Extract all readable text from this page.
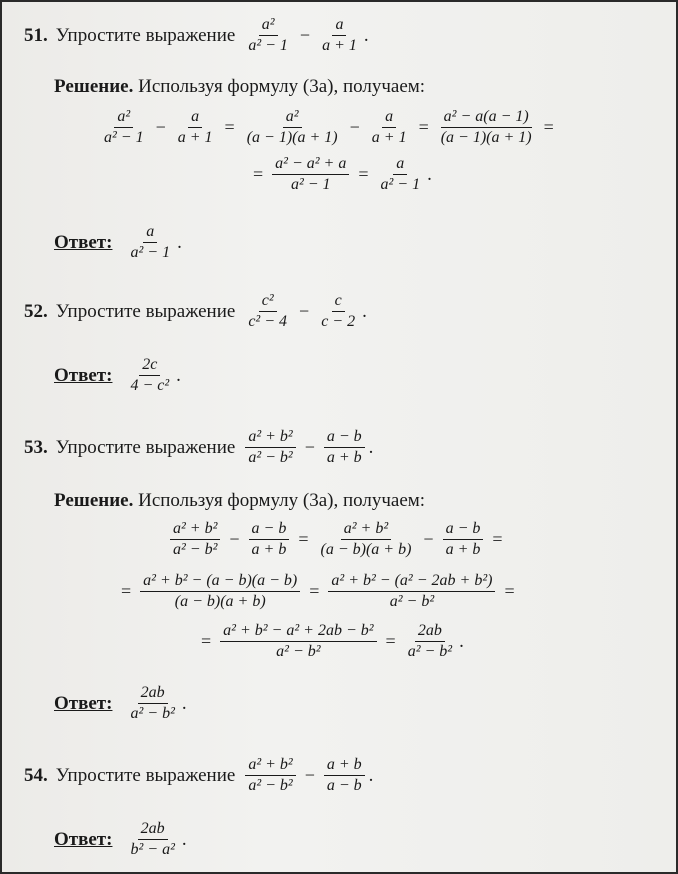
51. Упростите выражение $\frac{\text{a²}}{\text{a² − 1}} - \frac{a}{a + 1}$ .
Решение.
Используя формулу (3а), получаем:
$\frac{\text{a²}}{\text{a² − 1}} - \frac{a}{a + 1} = \frac{\text{a²}}{(a - 1)(a + 1)} - \frac{a}{a + 1} = \frac{\text{a² − a(a − 1)}}{(a - 1)(a + 1)}$ =
= $\frac{\text{a² − a² + a}}{\text{a² − 1}} = \frac{a}{\text{a² − 1}}$ .
Ответ: $\frac{a}{\text{a² − 1}}$ .
52. Упростите выражение $\frac{\text{c²}}{\text{c² − 4}} - \frac{c}{c - 2}$ .
Ответ: $\frac{2c}{\text{4 − c²}}$ .
53. Упростите выражение $\frac{\text{a² + b²}}{\text{a² − b²}} - \frac{a - b}{a + b}$ .
Решение.
Используя формулу (3а), получаем:
$\frac{\text{a² + b²}}{\text{a² − b²}} - \frac{a - b}{a + b} = \frac{\text{a² + b²}}{(a - b)(a + b)} - \frac{a - b}{a + b}$ =
= $\frac{\text{a² + b² − (a − b)(a − b)}}{(a - b)(a + b)} = \frac{\text{a² + b² − (a² − 2ab + b²)}}{\text{a² − b²}}$ =
= $\frac{\text{a² + b² − a² + 2ab − b²}}{\text{a² − b²}} = \frac{2ab}{\text{a² − b²}}$ .
Ответ: $\frac{2ab}{\text{a² − b²}}$ .
54. Упростите выражение $\frac{\text{a² + b²}}{\text{a² − b²}} - \frac{a + b}{a - b}$ .
Ответ: $\frac{2ab}{\text{b² − a²}}$ .
